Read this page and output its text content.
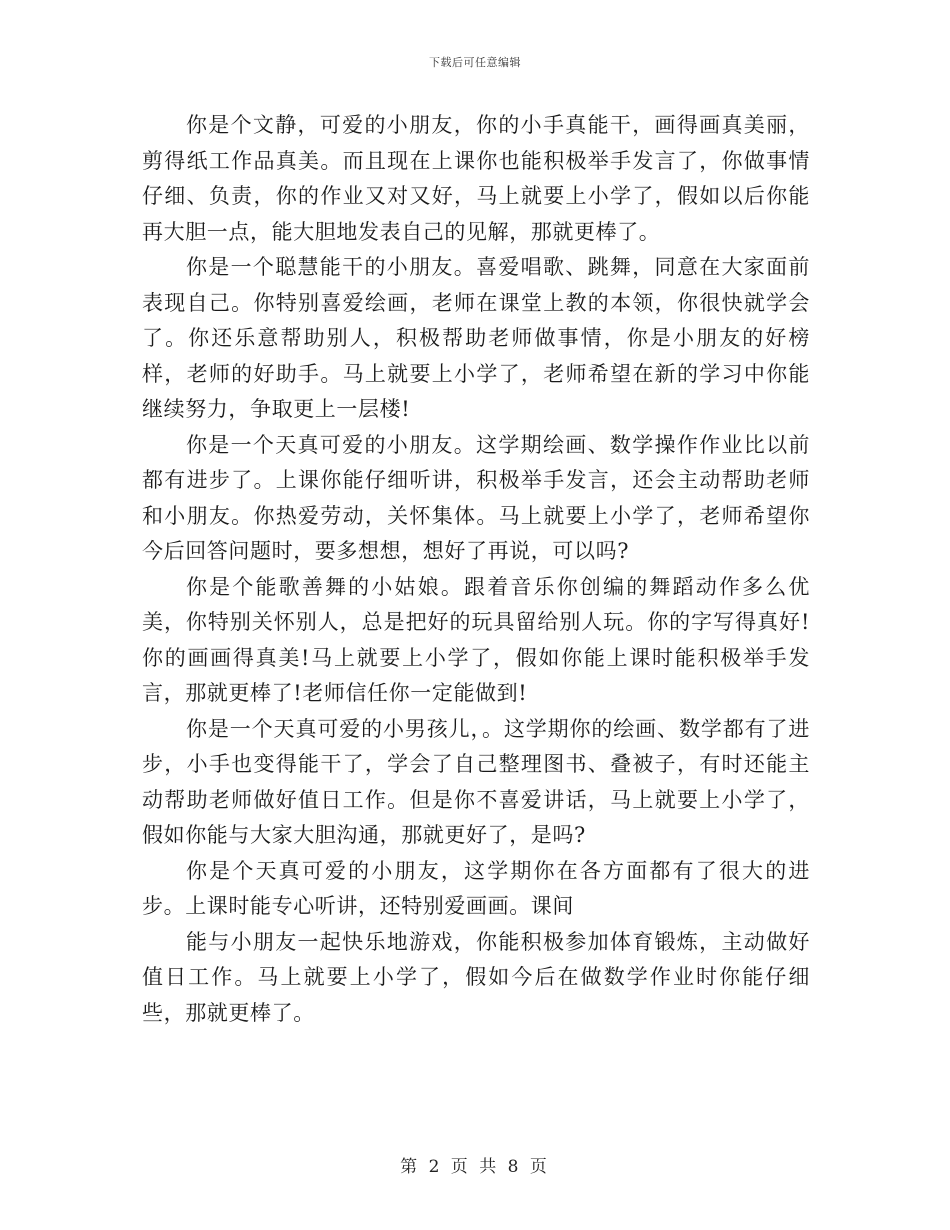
下载后可任意编辑

你是个文静，可爱的小朋友，你的小手真能干，画得画真美丽，剪得纸工作品真美。而且现在上课你也能积极举手发言了，你做事情仔细、负责，你的作业又对又好，马上就要上小学了，假如以后你能再大胆一点，能大胆地发表自己的见解，那就更棒了。

你是一个聪慧能干的小朋友。喜爱唱歌、跳舞，同意在大家面前表现自己。你特别喜爱绘画，老师在课堂上教的本领，你很快就学会了。你还乐意帮助别人，积极帮助老师做事情，你是小朋友的好榜样，老师的好助手。马上就要上小学了，老师希望在新的学习中你能继续努力，争取更上一层楼!

你是一个天真可爱的小朋友。这学期绘画、数学操作作业比以前都有进步了。上课你能仔细听讲，积极举手发言，还会主动帮助老师和小朋友。你热爱劳动，关怀集体。马上就要上小学了，老师希望你今后回答问题时，要多想想，想好了再说，可以吗?

你是个能歌善舞的小姑娘。跟着音乐你创编的舞蹈动作多么优美，你特别关怀别人，总是把好的玩具留给别人玩。你的字写得真好!你的画画得真美!马上就要上小学了，假如你能上课时能积极举手发言，那就更棒了!老师信任你一定能做到!

你是一个天真可爱的小男孩儿，。这学期你的绘画、数学都有了进步，小手也变得能干了，学会了自己整理图书、叠被子，有时还能主动帮助老师做好值日工作。但是你不喜爱讲话，马上就要上小学了，假如你能与大家大胆沟通，那就更好了，是吗?

你是个天真可爱的小朋友，这学期你在各方面都有了很大的进步。上课时能专心听讲，还特别爱画画。课间

能与小朋友一起快乐地游戏，你能积极参加体育锻炼，主动做好值日工作。马上就要上小学了，假如今后在做数学作业时你能仔细些，那就更棒了。

第 2 页 共 8 页
